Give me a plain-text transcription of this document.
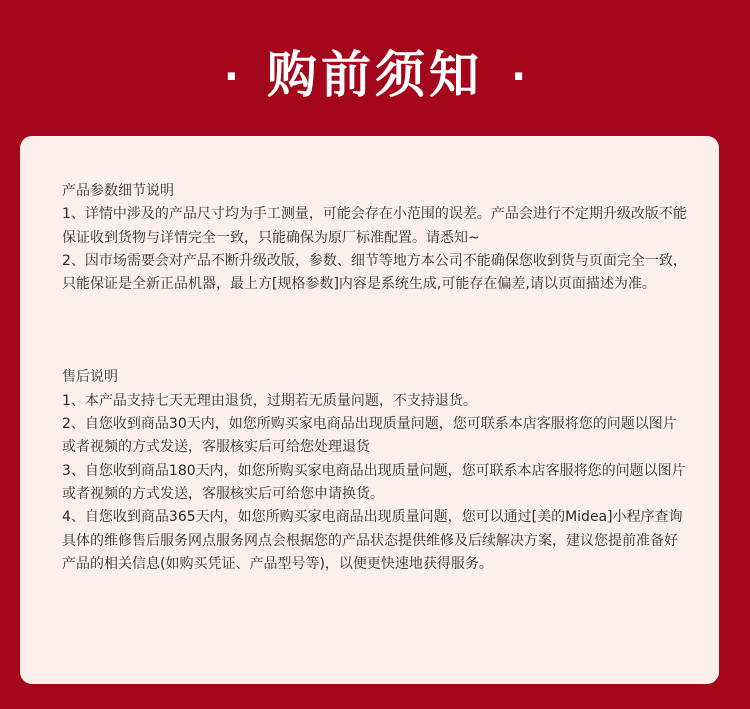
· 购前须知 ·
产品参数细节说明
1、详情中涉及的产品尺寸均为手工测量，可能会存在小范围的误差。产品会进行不定期升级改版不能保证收到货物与详情完全一致，只能确保为原厂标准配置。请悉知~
2、因市场需要会对产品不断升级改版，参数、细节等地方本公司不能确保您收到货与页面完全一致，只能保证是全新正品机器，最上方[规格参数]内容是系统生成,可能存在偏差,请以页面描述为准。
售后说明
1、本产品支持七天无理由退货，过期若无质量问题，不支持退货。
2、自您收到商品30天内，如您所购买家电商品出现质量问题，您可联系本店客服将您的问题以图片或者视频的方式发送，客服核实后可给您处理退货
3、自您收到商品180天内，如您所购买家电商品出现质量问题，您可联系本店客服将您的问题以图片或者视频的方式发送，客服核实后可给您申请换货。
4、自您收到商品365天内，如您所购买家电商品出现质量问题，您可以通过[美的Midea]小程序查询具体的维修售后服务网点服务网点会根据您的产品状态提供维修及后续解决方案，建议您提前准备好产品的相关信息(如购买凭证、产品型号等)，以便更快速地获得服务。
